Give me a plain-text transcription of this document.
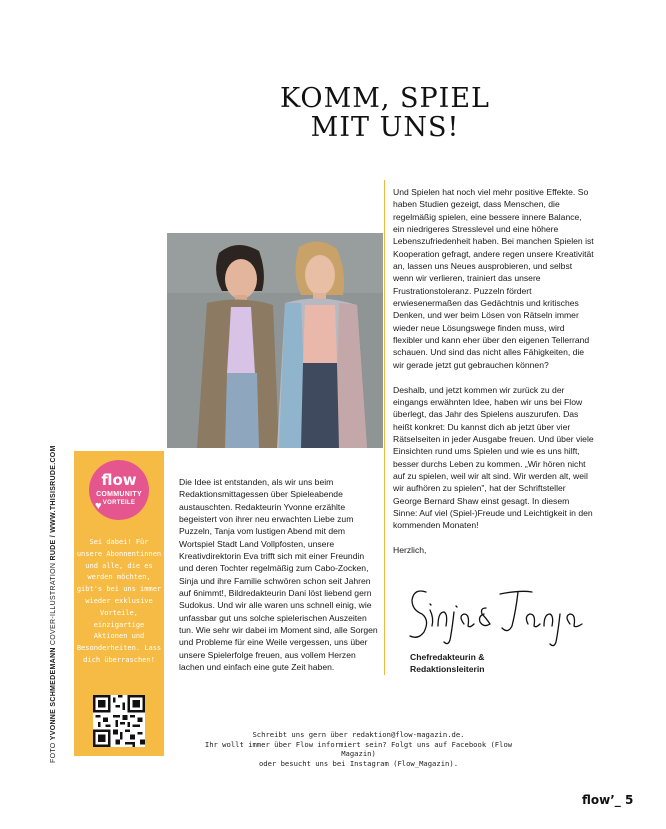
KOMM, SPIEL
MIT UNS!
FOTO YVONNE SCHMEDEMANN COVER-ILLUSTRATION RUDE / WWW.THISISRUDE.COM	flow
COMMUNITY
VORTEILE
♥
Sei dabei! Für unsere Abonnentinnen und alle, die es werden möchten, gibt's bei uns immer wieder exklusive Vorteile, einzigartige Aktionen und Besonderheiten. Lass dich überraschen!

Die Idee ist entstanden, als wir uns beim Redaktionsmittagessen über Spieleabende austauschten. Redakteurin Yvonne erzählte begeistert von ihrer neu erwachten Liebe zum Puzzeln, Tanja vom lustigen Abend mit dem Wortspiel Stadt Land Vollpfosten, unsere Kreativdirektorin Eva trifft sich mit einer Freundin und deren Tochter regelmäßig zum Cabo-Zocken, Sinja und ihre Familie schwören schon seit Jahren auf 6nimmt!, Bildredakteurin Dani löst liebend gern Sudokus. Und wir alle waren uns schnell einig, wie unfassbar gut uns solche spielerischen Auszeiten tun. Wie sehr wir dabei im Moment sind, alle Sorgen und Probleme für eine Weile vergessen, uns über unsere Spielerfolge freuen, aus vollem Herzen lachen und einfach eine gute Zeit haben.

Und Spielen hat noch viel mehr positive Effekte. So haben Studien gezeigt, dass Menschen, die regelmäßig spielen, eine bessere innere Balance, ein niedrigeres Stresslevel und eine höhere Lebenszufriedenheit haben. Bei manchen Spielen ist Kooperation gefragt, andere regen unsere Kreativität an, lassen uns Neues ausprobieren, und selbst wenn wir verlieren, trainiert das unsere Frustrationstoleranz. Puzzeln fördert erwiesenermaßen das Gedächtnis und kritisches Denken, und wer beim Lösen von Rätseln immer wieder neue Lösungswege finden muss, wird flexibler und kann eher über den eigenen Tellerrand schauen. Und sind das nicht alles Fähigkeiten, die wir gerade jetzt gut gebrauchen können?

Deshalb, und jetzt kommen wir zurück zu der eingangs erwähnten Idee, haben wir uns bei Flow überlegt, das Jahr des Spielens auszurufen. Das heißt konkret: Du kannst dich ab jetzt über vier Rätselseiten in jeder Ausgabe freuen. Und über viele Einsichten rund ums Spielen und wie es uns hilft, besser durchs Leben zu kommen. „Wir hören nicht auf zu spielen, weil wir alt sind. Wir werden alt, weil wir aufhören zu spielen", hat der Schriftsteller George Bernard Shaw einst gesagt. In diesem Sinne: Auf viel (Spiel-)Freude und Leichtigkeit in den kommenden Monaten!

Herzlich,

Chefredakteurin &
Redaktionsleiterin

Schreibt uns gern über redaktion@flow-magazin.de.

Ihr wollt immer über Flow informiert sein? Folgt uns auf Facebook (Flow Magazin)

oder besucht uns bei Instagram (Flow_Magazin).

flow’_ 5
